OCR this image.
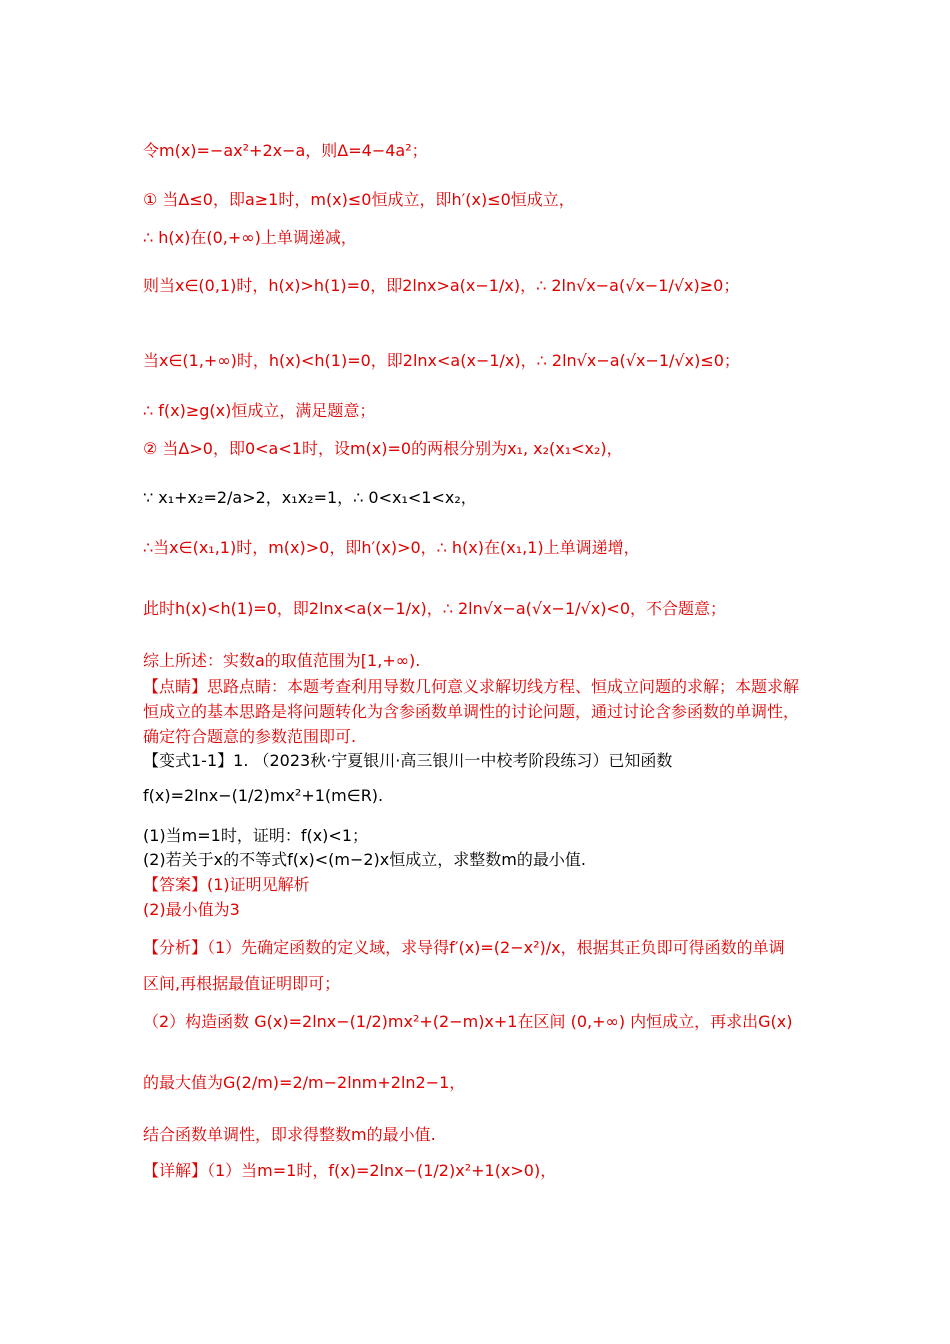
令m(x)=−ax²+2x−a，则Δ=4−4a²；
① 当Δ≤0，即a≥1时，m(x)≤0恒成立，即h′(x)≤0恒成立，
∴ h(x)在(0,+∞)上单调递减，
则当x∈(0,1)时，h(x)>h(1)=0，即2lnx>a(x−1/x)，∴ 2ln√x−a(√x−1/√x)≥0；
当x∈(1,+∞)时，h(x)<h(1)=0，即2lnx<a(x−1/x)，∴ 2ln√x−a(√x−1/√x)≤0；
∴ f(x)≥g(x)恒成立，满足题意；
② 当Δ>0，即0<a<1时，设m(x)=0的两根分别为x₁, x₂(x₁<x₂)，
∵ x₁+x₂=2/a>2，x₁x₂=1，∴ 0<x₁<1<x₂，
∴当x∈(x₁,1)时，m(x)>0，即h′(x)>0，∴ h(x)在(x₁,1)上单调递增，
此时h(x)<h(1)=0，即2lnx<a(x−1/x)，∴ 2ln√x−a(√x−1/√x)<0，不合题意；
综上所述：实数a的取值范围为[1,+∞).
【点睛】思路点睛：本题考查利用导数几何意义求解切线方程、恒成立问题的求解；本题求解恒成立的基本思路是将问题转化为含参函数单调性的讨论问题，通过讨论含参函数的单调性，确定符合题意的参数范围即可.
【变式1-1】1. （2023秋·宁夏银川·高三银川一中校考阶段练习）已知函数
f(x)=2lnx−(1/2)mx²+1(m∈R).
(1)当m=1时，证明：f(x)<1；
(2)若关于x的不等式f(x)<(m−2)x恒成立，求整数m的最小值.
【答案】(1)证明见解析
(2)最小值为3
【分析】（1）先确定函数的定义域，求导得f′(x)=(2−x²)/x，根据其正负即可得函数的单调
区间,再根据最值证明即可；
（2）构造函数 G(x)=2lnx−(1/2)mx²+(2−m)x+1在区间 (0,+∞) 内恒成立，再求出G(x)
的最大值为G(2/m)=2/m−2lnm+2ln2−1，
结合函数单调性，即求得整数m的最小值.
【详解】（1）当m=1时，f(x)=2lnx−(1/2)x²+1(x>0)，
